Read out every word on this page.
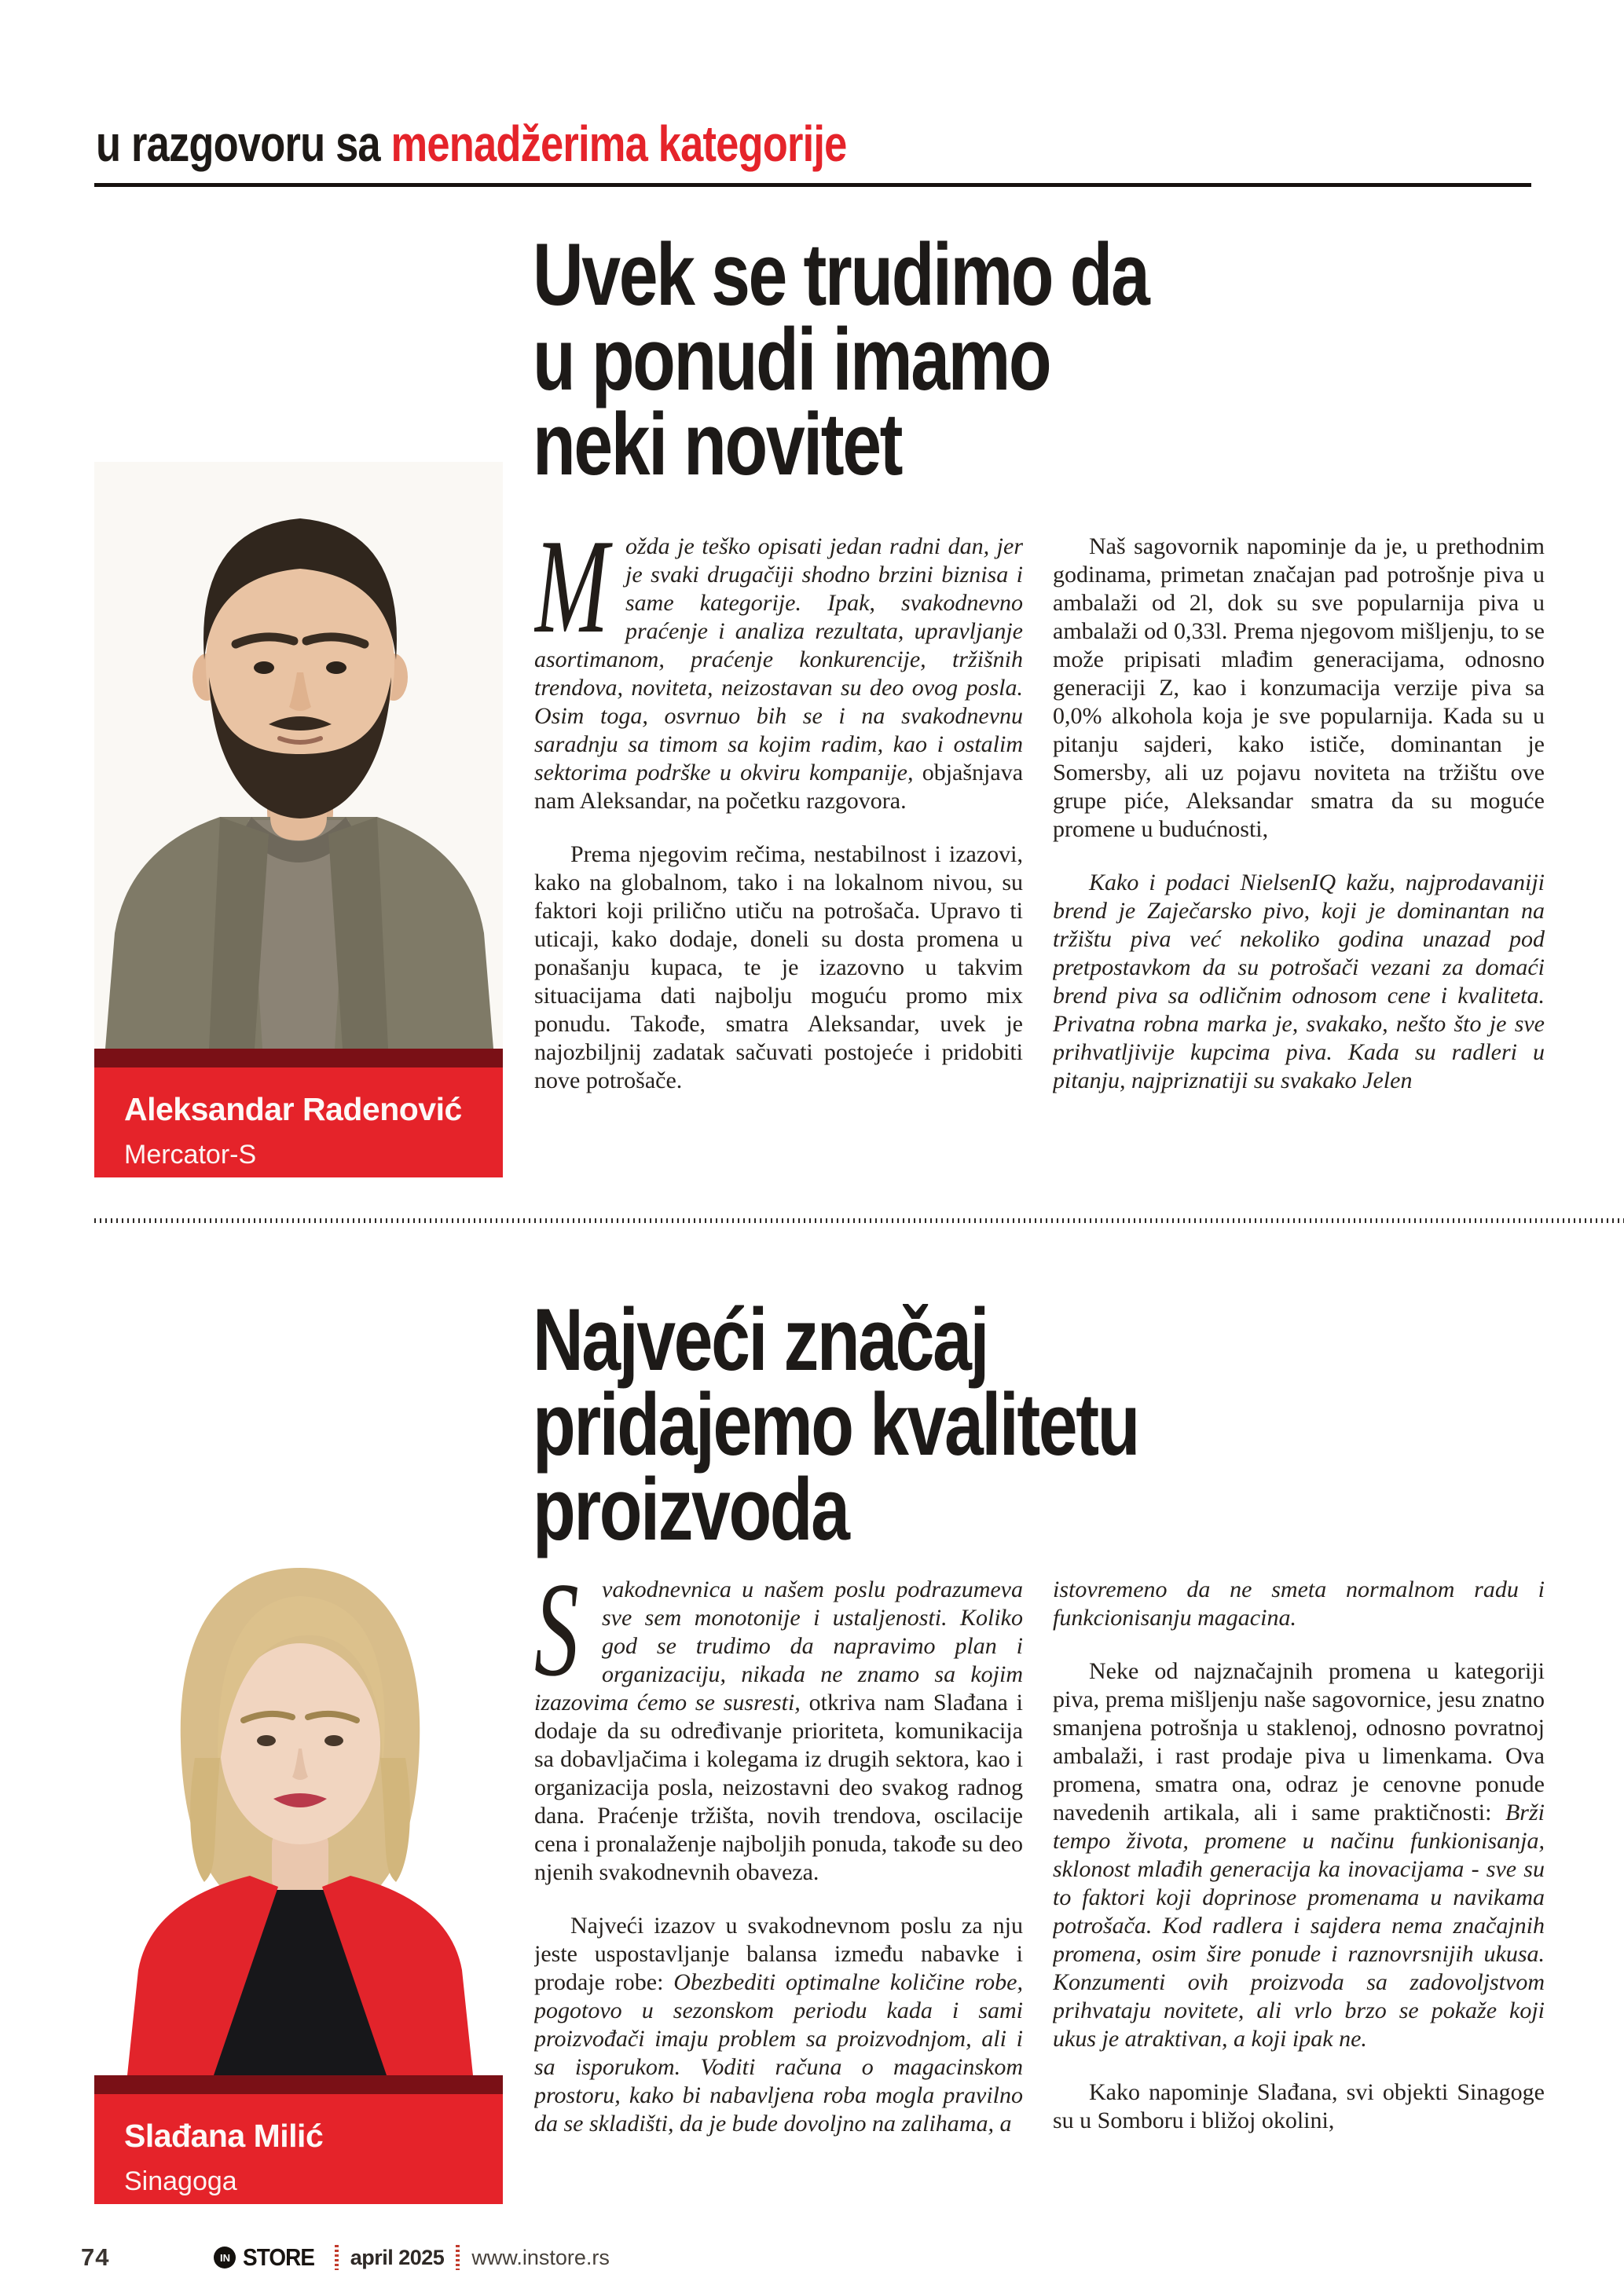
u razgovoru sa menadžerima kategorije
Uvek se trudimo da
u ponudi imamo
neki novitet
Aleksandar Radenović
Mercator-S

Možda je teško opisati jedan radni dan, jer je svaki drugačiji shodno brzini biznisa i same kategorije. Ipak, svakodnevno praćenje i analiza rezultata, upravljanje asortimanom, praćenje konkurencije, tržišnih trendova, noviteta, neizostavan su deo ovog posla. Osim toga, osvrnuo bih se i na svakodnevnu saradnju sa timom sa kojim radim, kao i ostalim sektorima podrške u okviru kompanije, objašnjava nam Aleksandar, na početku razgovora.

Prema njegovim rečima, nestabilnost i izazovi, kako na globalnom, tako i na lokalnom nivou, su faktori koji prilično utiču na potrošača. Upravo ti uticaji, kako dodaje, doneli su dosta promena u ponašanju kupaca, te je izazovno u takvim situacijama dati najbolju moguću promo mix ponudu. Takođe, smatra Aleksandar, uvek je najozbiljnij zadatak sačuvati postojeće i pridobiti nove potrošače.

Naš sagovornik napominje da je, u prethodnim godinama, primetan značajan pad potrošnje piva u ambalaži od 2l, dok su sve popularnija piva u ambalaži od 0,33l. Prema njegovom mišljenju, to se može pripisati mlađim generacijama, odnosno generaciji Z, kao i konzumacija verzije piva sa 0,0% alkohola koja je sve popularnija. Kada su u pitanju sajderi, kako ističe, dominantan je Somersby, ali uz pojavu noviteta na tržištu ove grupe piće, Aleksandar smatra da su moguće promene u budućnosti,

Kako i podaci NielsenIQ kažu, najprodavaniji brend je Zaječarsko pivo, koji je dominantan na tržištu piva već nekoliko godina unazad pod pretpostavkom da su potrošači vezani za domaći brend piva sa odličnim odnosom cene i kvaliteta. Privatna robna marka je, svakako, nešto što je sve prihvatljivije kupcima piva. Kada su radleri u pitanju, najpriznatiji su svakako Jelen

Najveći značaj
pridajemo kvalitetu
proizvoda
Slađana Milić
Sinagoga

Svakodnevnica u našem poslu podrazumeva sve sem monotonije i ustaljenosti. Koliko god se trudimo da napravimo plan i organizaciju, nikada ne znamo sa kojim izazovima ćemo se susresti, otkriva nam Slađana i dodaje da su određivanje prioriteta, komunikacija sa dobavljačima i kolegama iz drugih sektora, kao i organizacija posla, neizostavni deo svakog radnog dana. Praćenje tržišta, novih trendova, oscilacije cena i pronalaženje najboljih ponuda, takođe su deo njenih svakodnevnih obaveza.

Najveći izazov u svakodnevnom poslu za nju jeste uspostavljanje balansa između nabavke i prodaje robe: Obezbediti optimalne količine robe, pogotovo u sezonskom periodu kada i sami proizvođači imaju problem sa proizvodnjom, ali i sa isporukom. Voditi računa o magacinskom prostoru, kako bi nabavljena roba mogla pravilno da se skladišti, da je bude dovoljno na zalihama, a

istovremeno da ne smeta normalnom radu i funkcionisanju magacina.

Neke od najznačajnih promena u kategoriji piva, prema mišljenju naše sagovornice, jesu znatno smanjena potrošnja u staklenoj, odnosno povratnoj ambalaži, i rast prodaje piva u limenkama. Ova promena, smatra ona, odraz je cenovne ponude navedenih artikala, ali i same praktičnosti: Brži tempo života, promene u načinu funkionisanja, sklonost mlađih generacija ka inovacijama - sve su to faktori koji doprinose promenama u navikama potrošača. Kod radlera i sajdera nema značajnih promena, osim šire ponude i raznovrsnijih ukusa. Konzumenti ovih proizvoda sa zadovoljstvom prihvataju novitete, ali vrlo brzo se pokaže koji ukus je atraktivan, a koji ipak ne.

Kako napominje Slađana, svi objekti Sinagoge su u Somboru i bližoj okolini,

74	IN STORE april 2025 www.instore.rs
